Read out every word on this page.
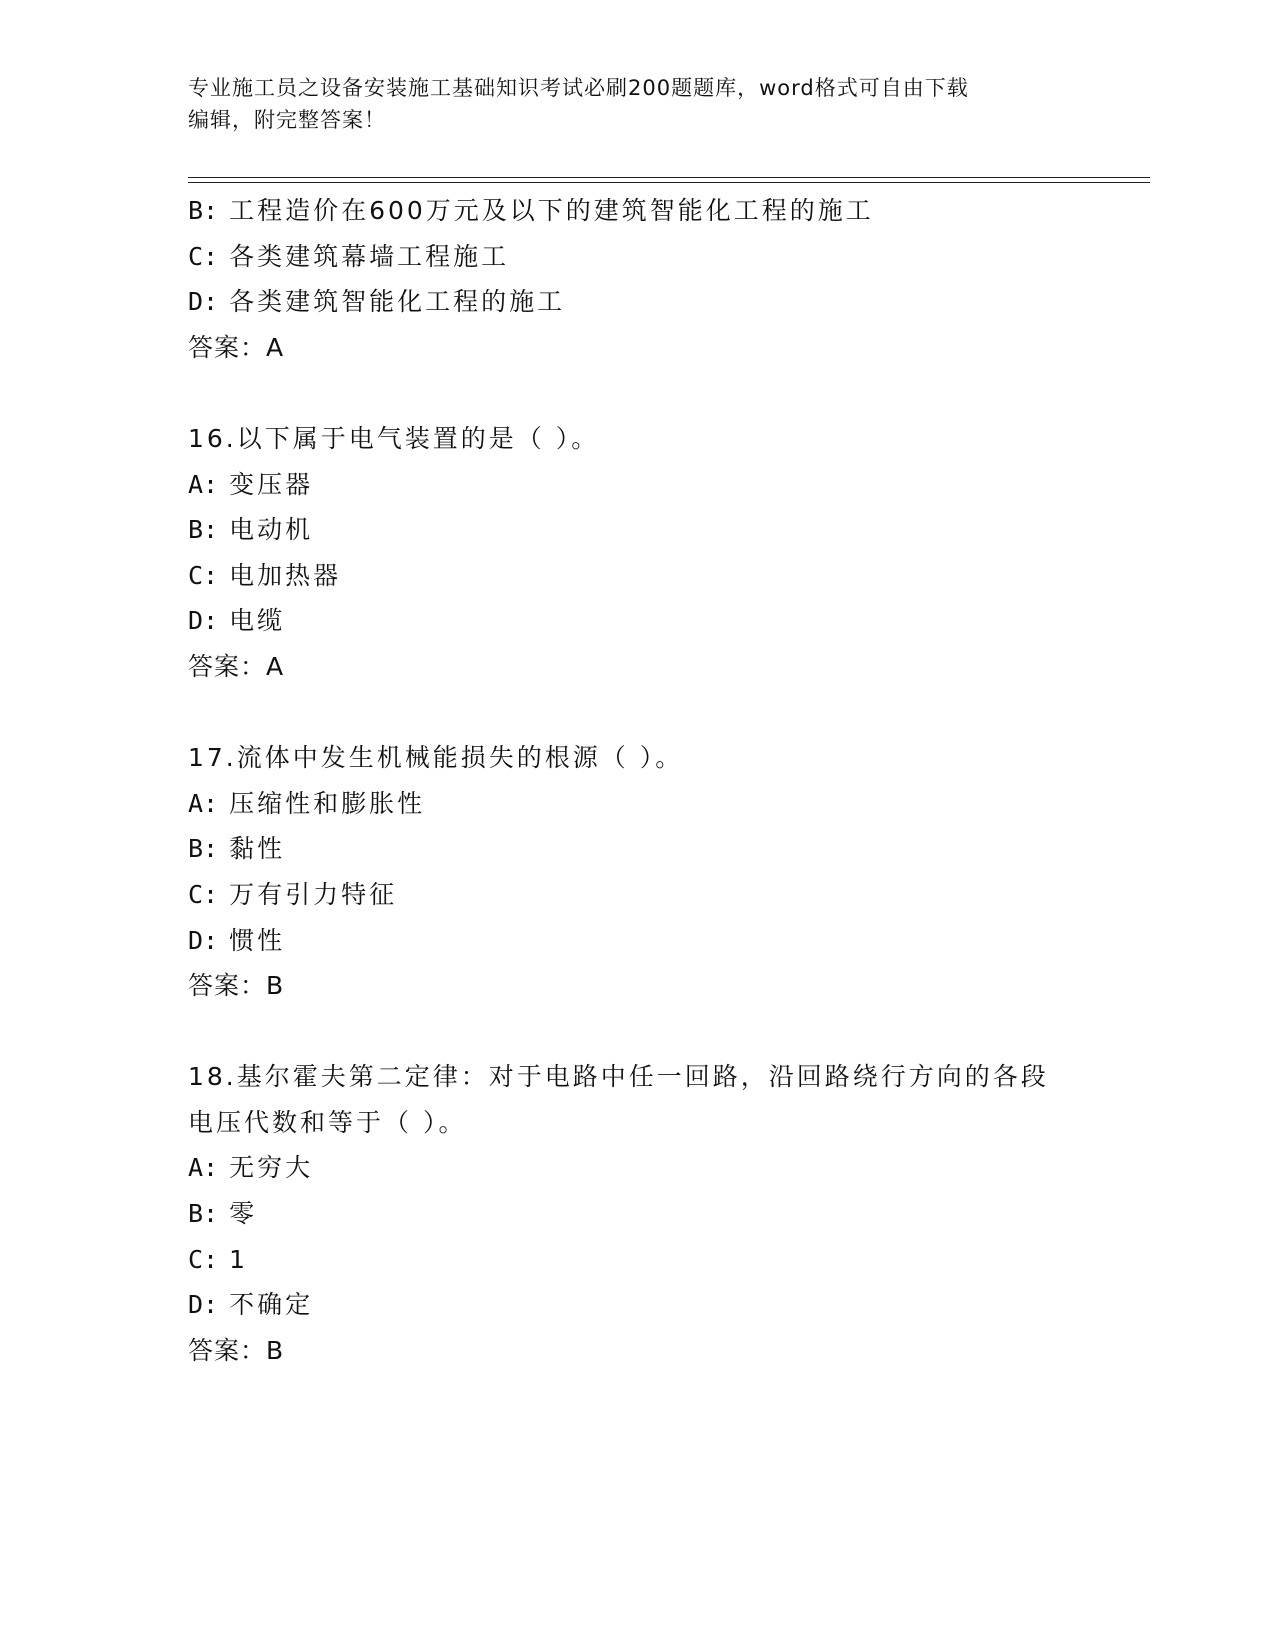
专业施工员之设备安装施工基础知识考试必刷200题题库，word格式可自由下载

编辑，附完整答案！

B: 工程造价在600万元及以下的建筑智能化工程的施工
C: 各类建筑幕墙工程施工
D: 各类建筑智能化工程的施工
答案：A
16.以下属于电气装置的是（ ）。
A: 变压器
B: 电动机
C: 电加热器
D: 电缆
答案：A
17.流体中发生机械能损失的根源（ ）。
A: 压缩性和膨胀性
B: 黏性
C: 万有引力特征
D: 惯性
答案：B
18.基尔霍夫第二定律：对于电路中任一回路，沿回路绕行方向的各段
电压代数和等于（ ）。
A: 无穷大
B: 零
C: 1
D: 不确定
答案：B
